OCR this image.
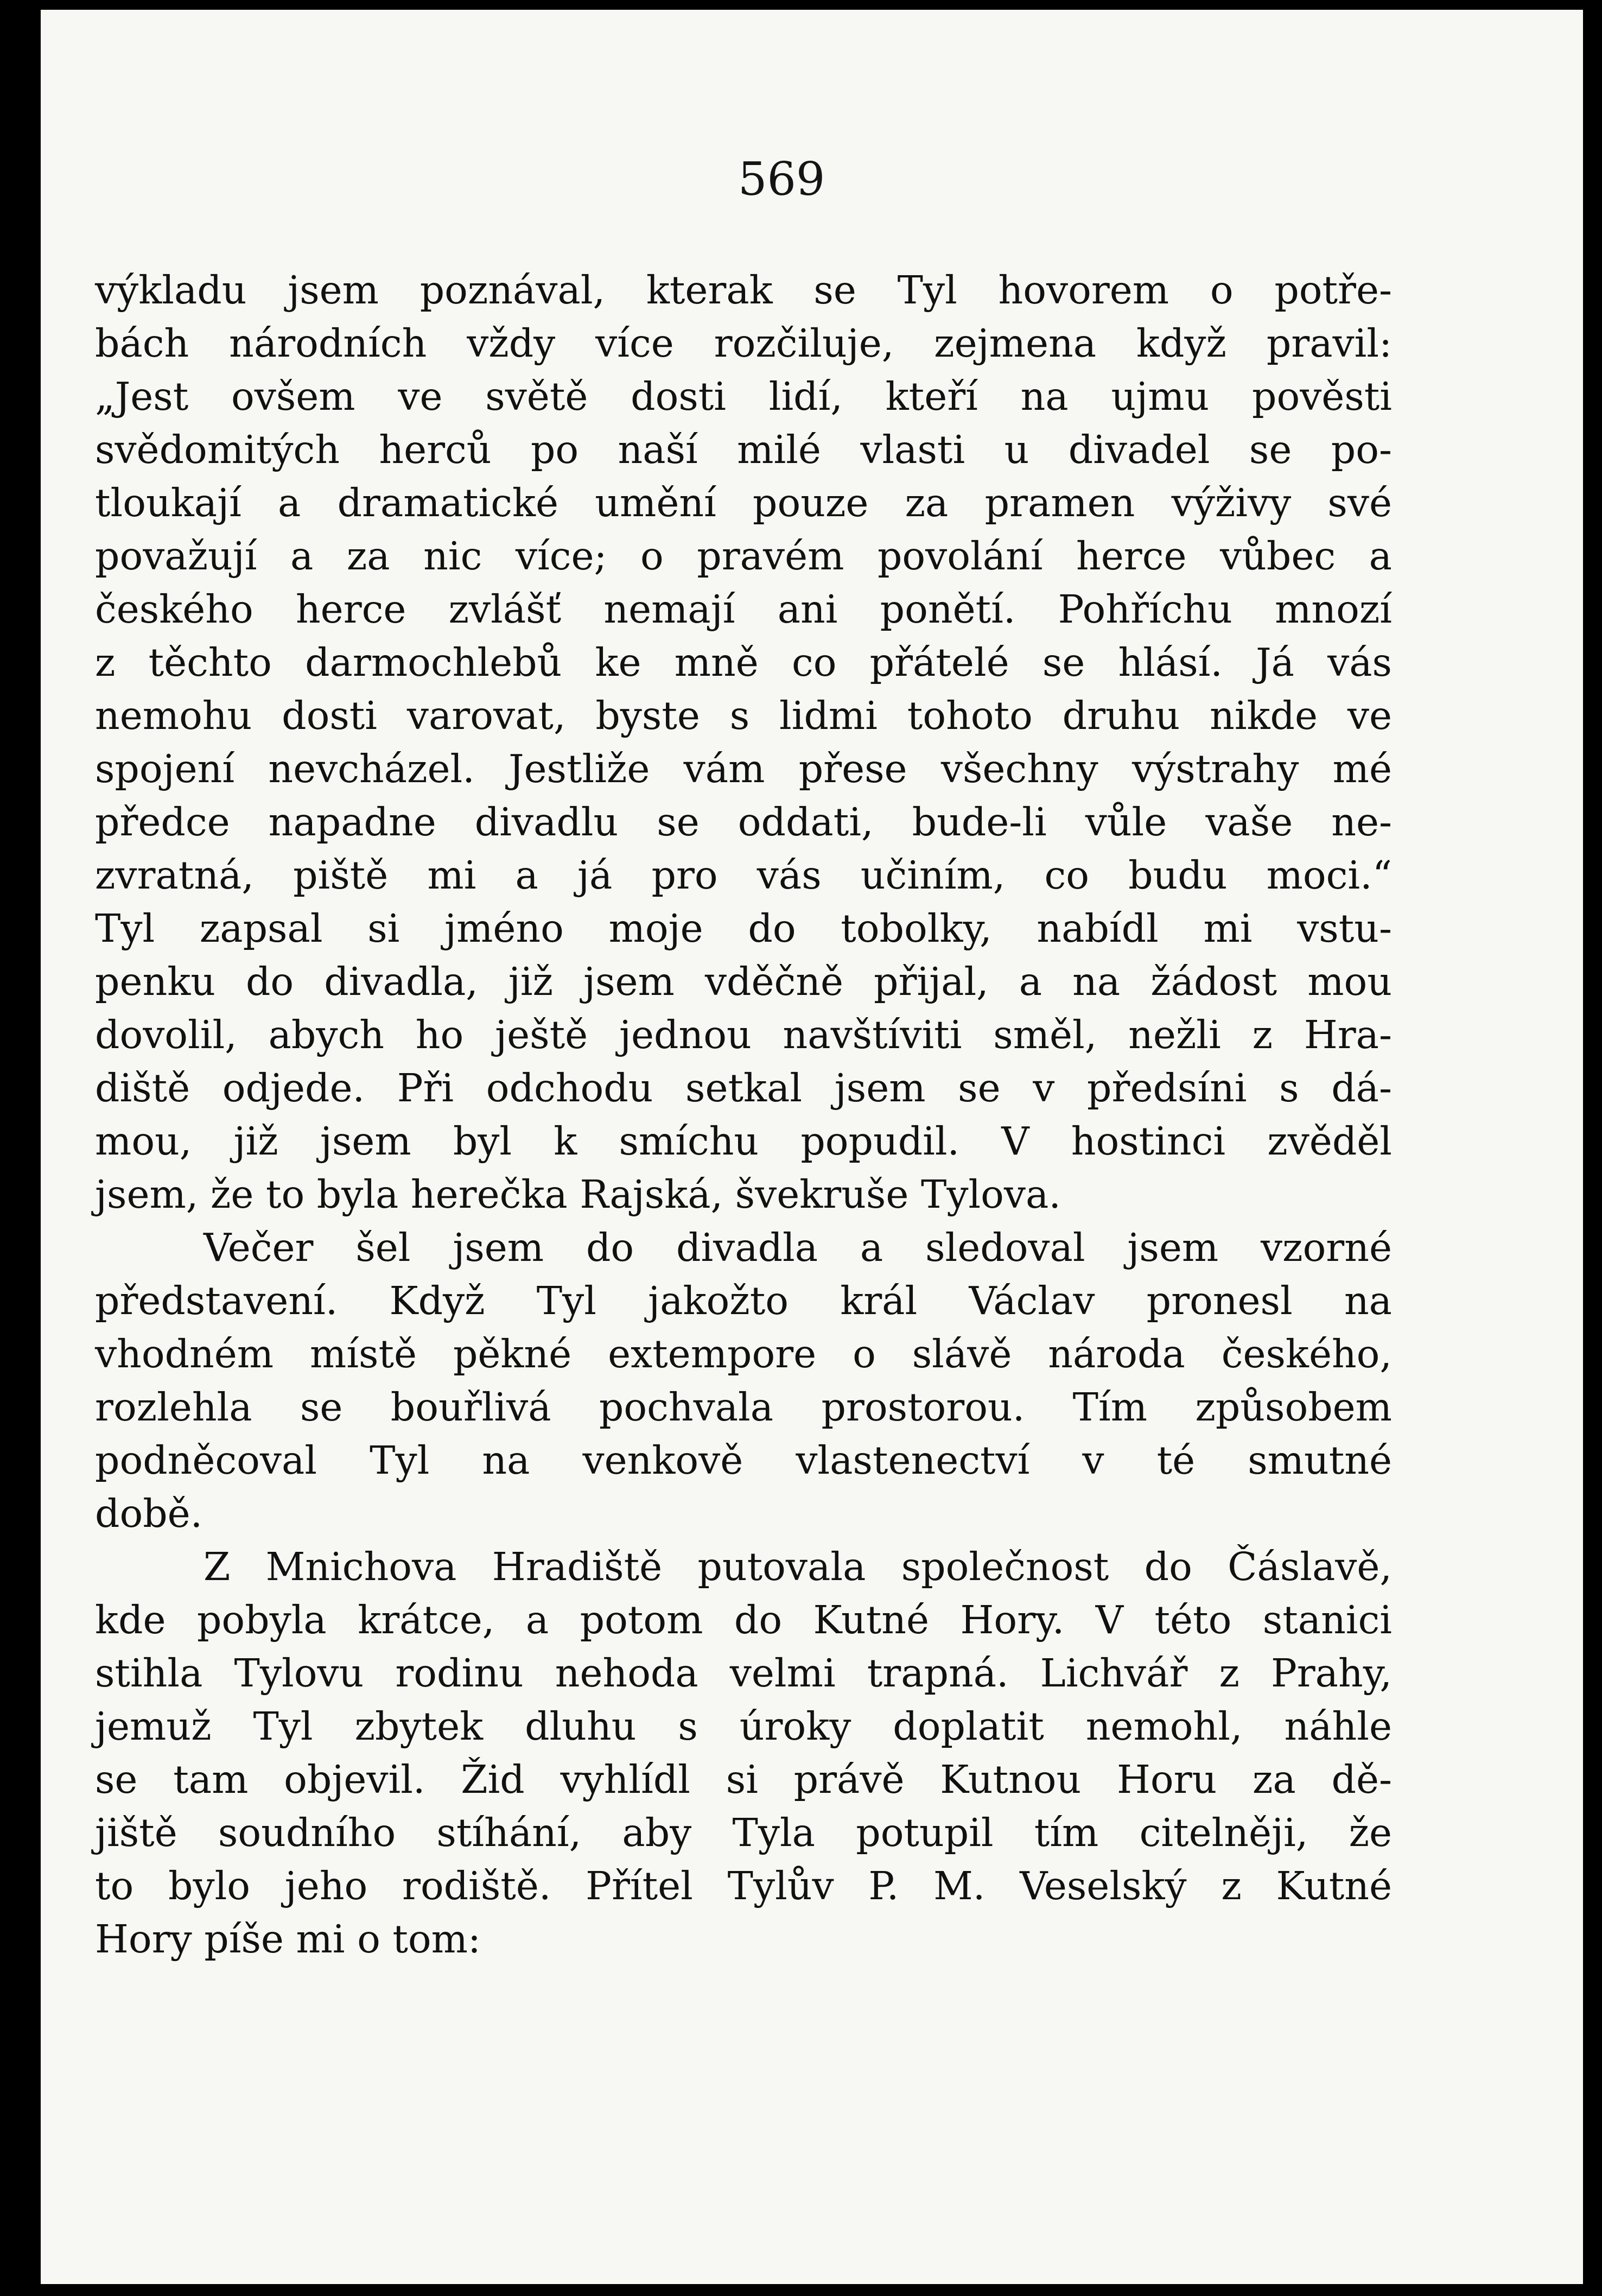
569
výkladu jsem poznával, kterak se Tyl hovorem o potře-
bách národních vždy více rozčiluje, zejmena když pravil:
„Jest ovšem ve světě dosti lidí, kteří na ujmu pověsti
svědomitých herců po naší milé vlasti u divadel se po-
tloukají a dramatické umění pouze za pramen výživy své
považují a za nic více; o pravém povolání herce vůbec a
českého herce zvlášť nemají ani ponětí. Pohříchu mnozí
z těchto darmochlebů ke mně co přátelé se hlásí. Já vás
nemohu dosti varovat, byste s lidmi tohoto druhu nikde ve
spojení nevcházel. Jestliže vám přese všechny výstrahy mé
předce napadne divadlu se oddati, bude-li vůle vaše ne-
zvratná, piště mi a já pro vás učiním, co budu moci.“
Tyl zapsal si jméno moje do tobolky, nabídl mi vstu-
penku do divadla, již jsem vděčně přijal, a na žádost mou
dovolil, abych ho ještě jednou navštíviti směl, nežli z Hra-
diště odjede. Při odchodu setkal jsem se v předsíni s dá-
mou, již jsem byl k smíchu popudil. V hostinci zvěděl
jsem, že to byla herečka Rajská, švekruše Tylova.
Večer šel jsem do divadla a sledoval jsem vzorné
představení. Když Tyl jakožto král Václav pronesl na
vhodném místě pěkné extempore o slávě národa českého,
rozlehla se bouřlivá pochvala prostorou. Tím způsobem
podněcoval Tyl na venkově vlastenectví v té smutné
době.
Z Mnichova Hradiště putovala společnost do Čáslavě,
kde pobyla krátce, a potom do Kutné Hory. V této stanici
stihla Tylovu rodinu nehoda velmi trapná. Lichvář z Prahy,
jemuž Tyl zbytek dluhu s úroky doplatit nemohl, náhle
se tam objevil. Žid vyhlídl si právě Kutnou Horu za dě-
jiště soudního stíhání, aby Tyla potupil tím citelněji, že
to bylo jeho rodiště. Přítel Tylův P. M. Veselský z Kutné
Hory píše mi o tom:
